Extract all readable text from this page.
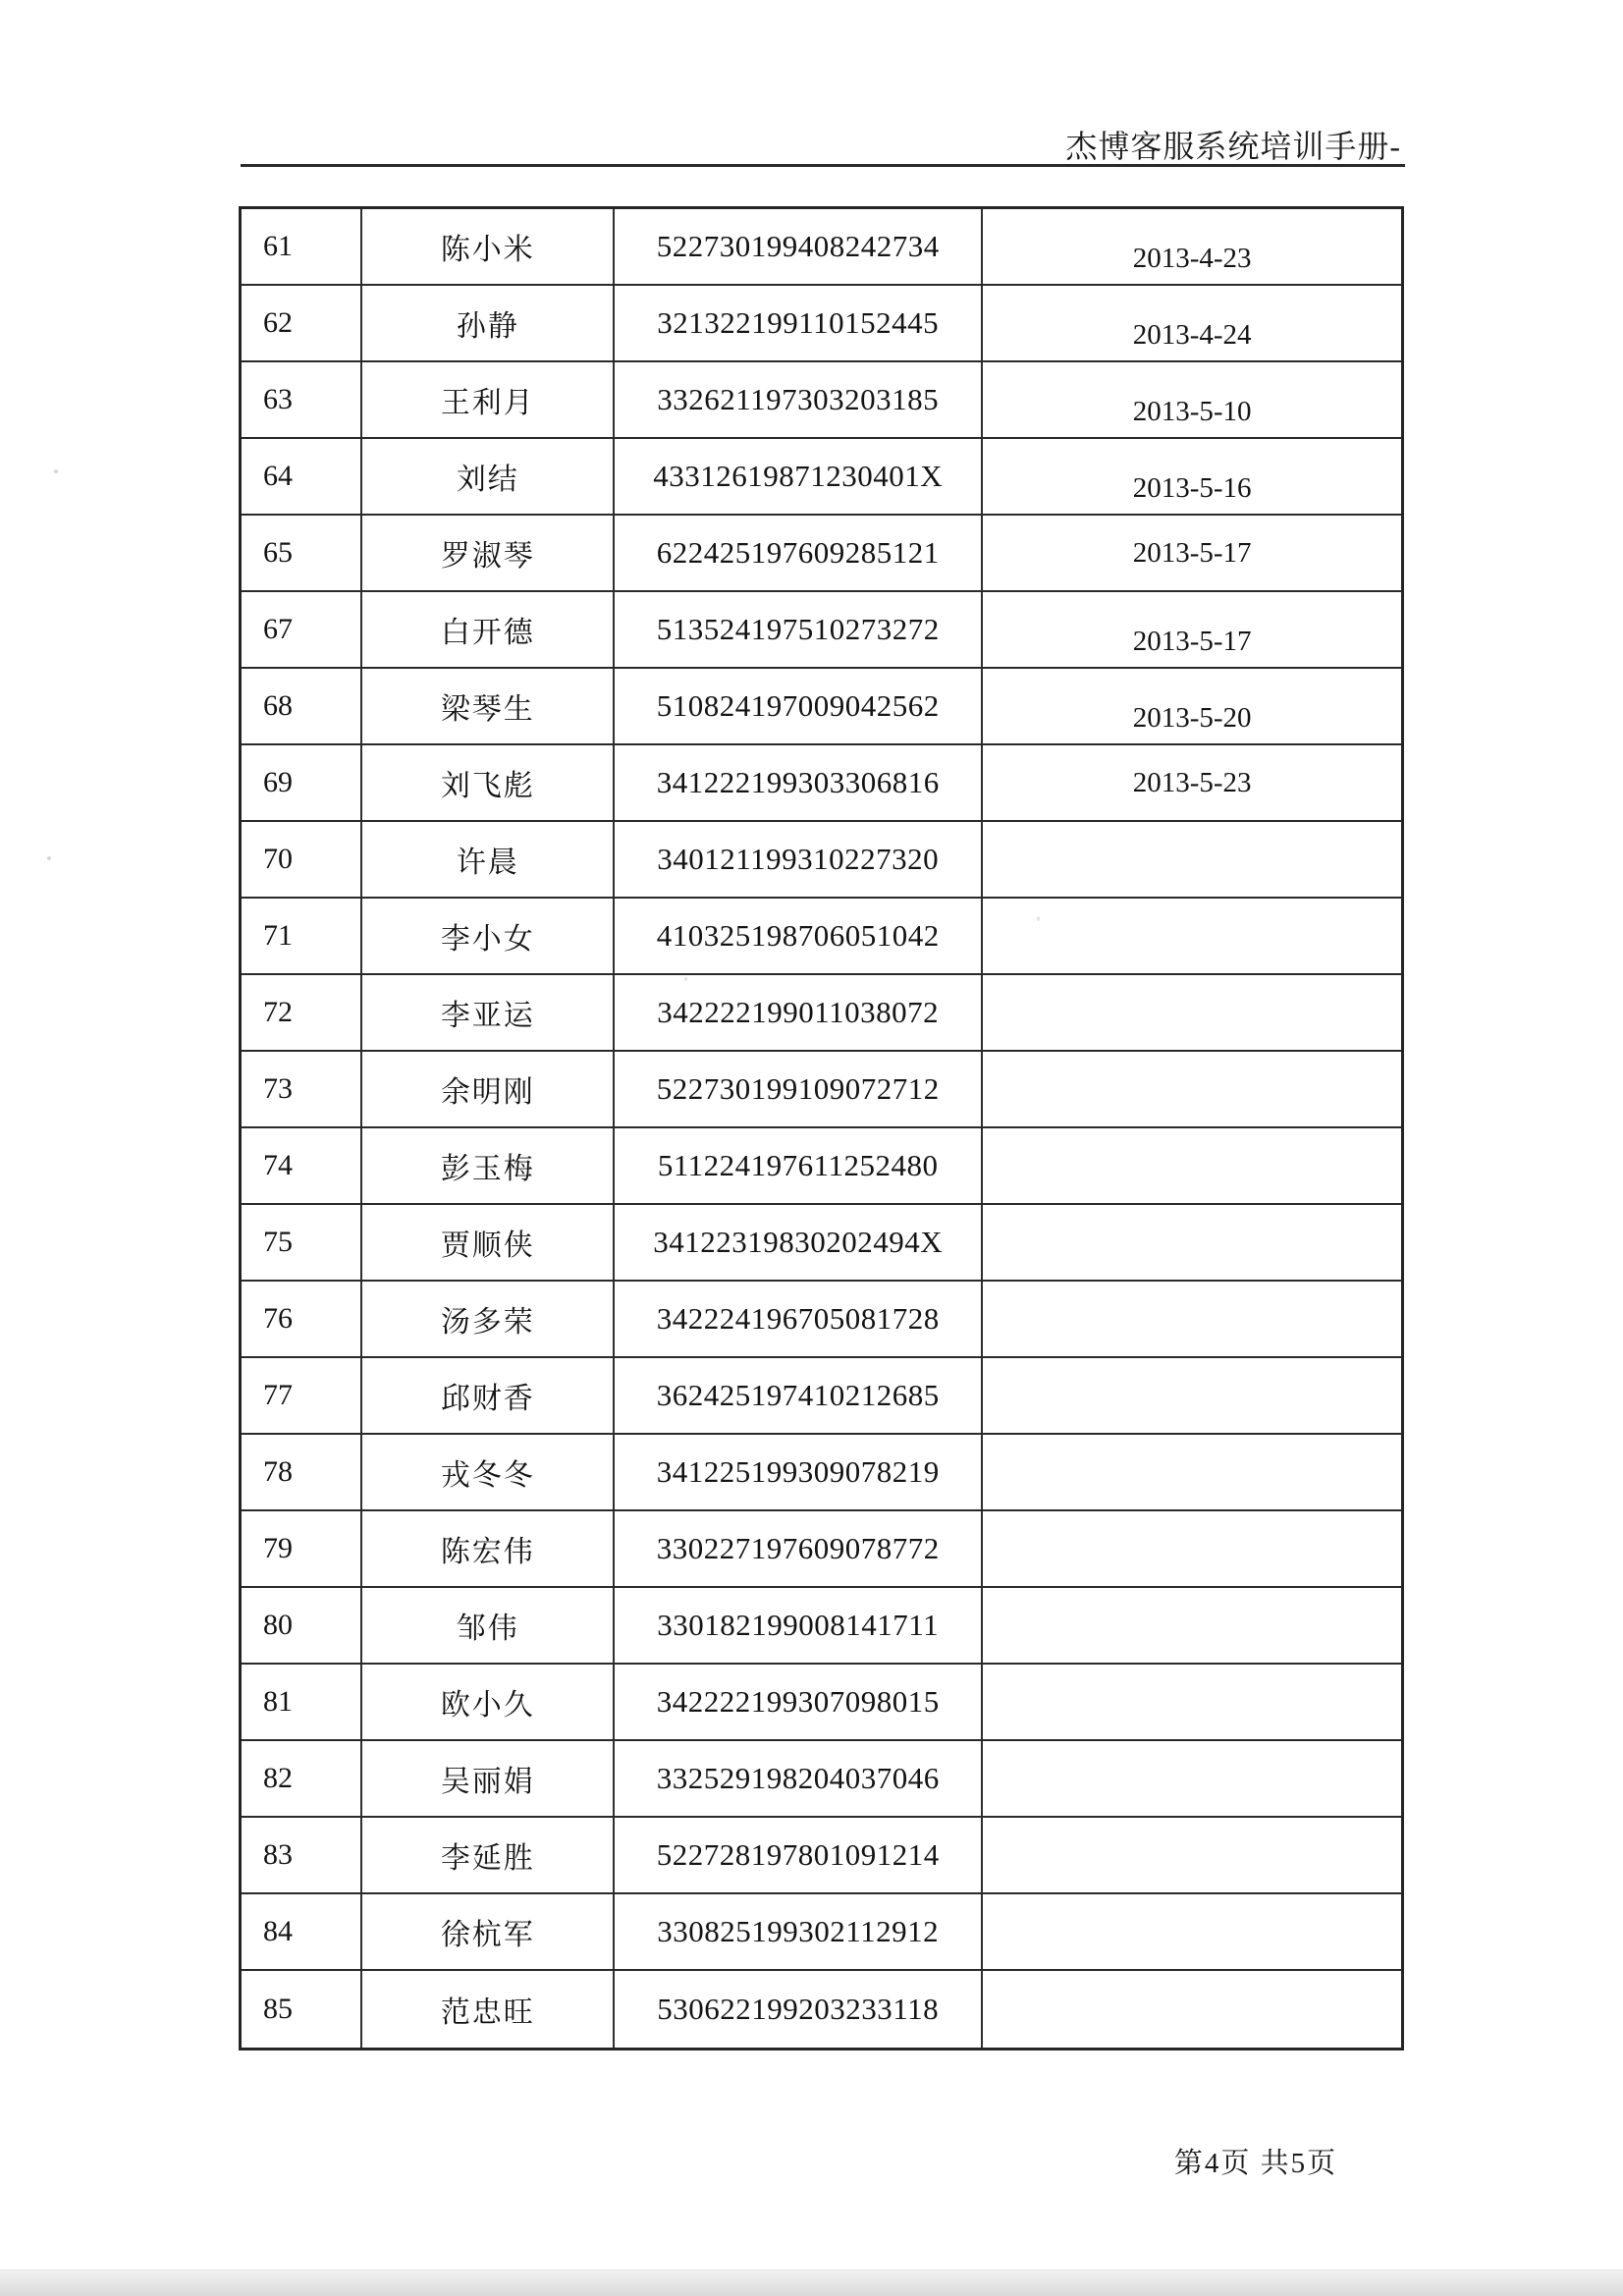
杰博客服系统培训手册-
61	陈小米	522730199408242734	2013-4-23
62	孙静	321322199110152445	2013-4-24
63	王利月	332621197303203185	2013-5-10
64	刘结	43312619871230401X	2013-5-16
65	罗淑琴	622425197609285121	2013-5-17
67	白开德	513524197510273272	2013-5-17
68	梁琴生	510824197009042562	2013-5-20
69	刘飞彪	341222199303306816	2013-5-23
70	许晨	340121199310227320
71	李小女	410325198706051042
72	李亚运	342222199011038072
73	余明刚	522730199109072712
74	彭玉梅	511224197611252480
75	贾顺侠	34122319830202494X
76	汤多荣	342224196705081728
77	邱财香	362425197410212685
78	戎冬冬	341225199309078219
79	陈宏伟	330227197609078772
80	邹伟	330182199008141711
81	欧小久	342222199307098015
82	吴丽娟	332529198204037046
83	李延胜	522728197801091214
84	徐杭军	330825199302112912
85	范忠旺	530622199203233118
第4页 共5页
